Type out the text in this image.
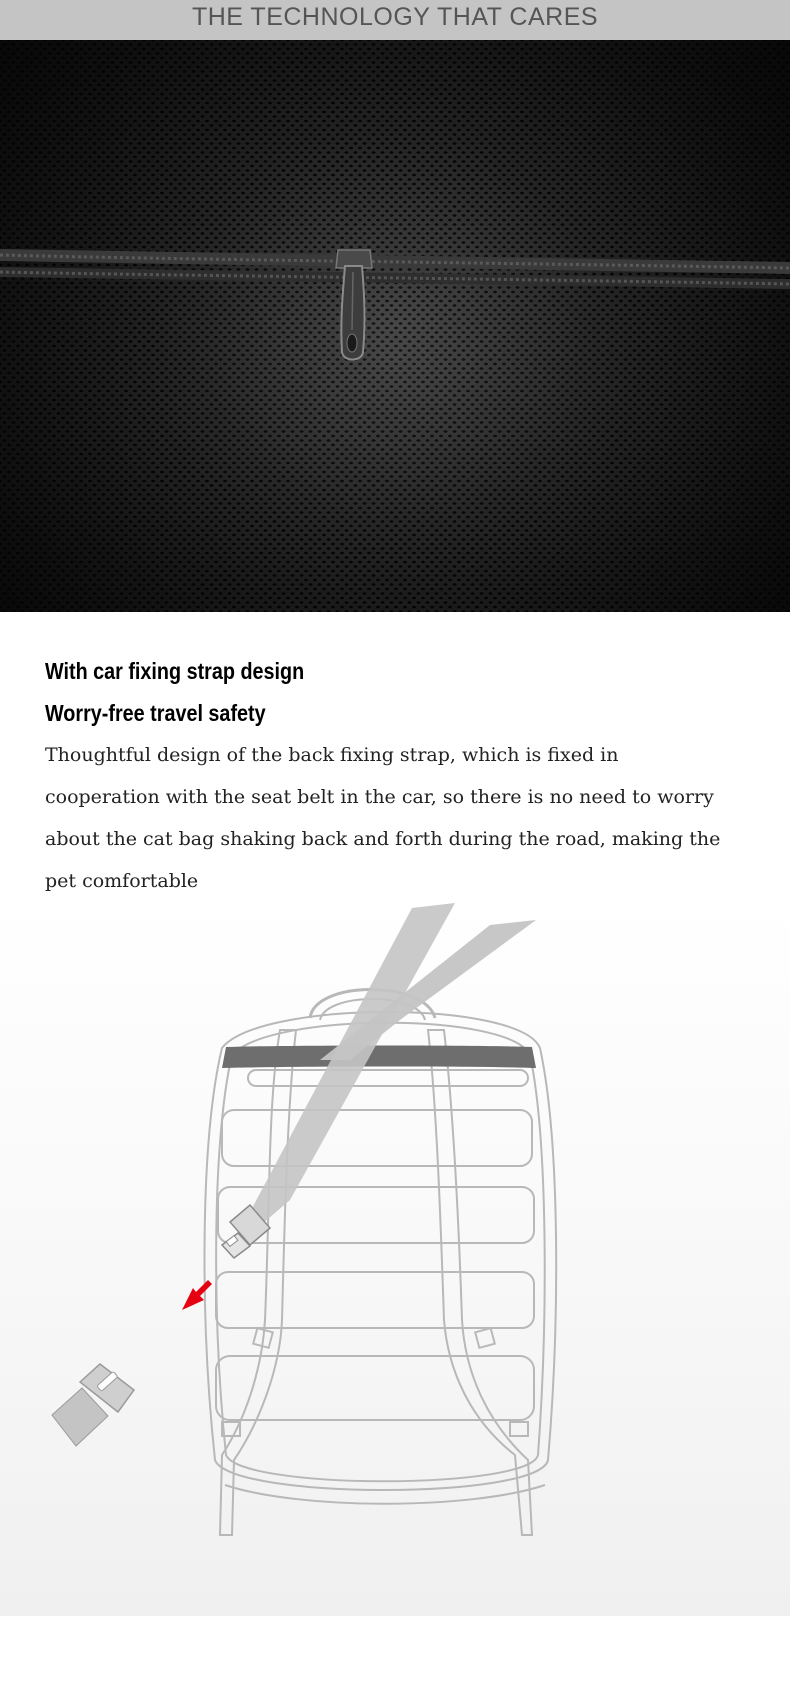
THE TECHNOLOGY THAT CARES
With car fixing strap design
Worry-free travel safety
Thoughtful design of the back fixing strap, which is fixed in cooperation with the seat belt in the car, so there is no need to worry about the cat bag shaking back and forth during the road, making the pet comfortable
